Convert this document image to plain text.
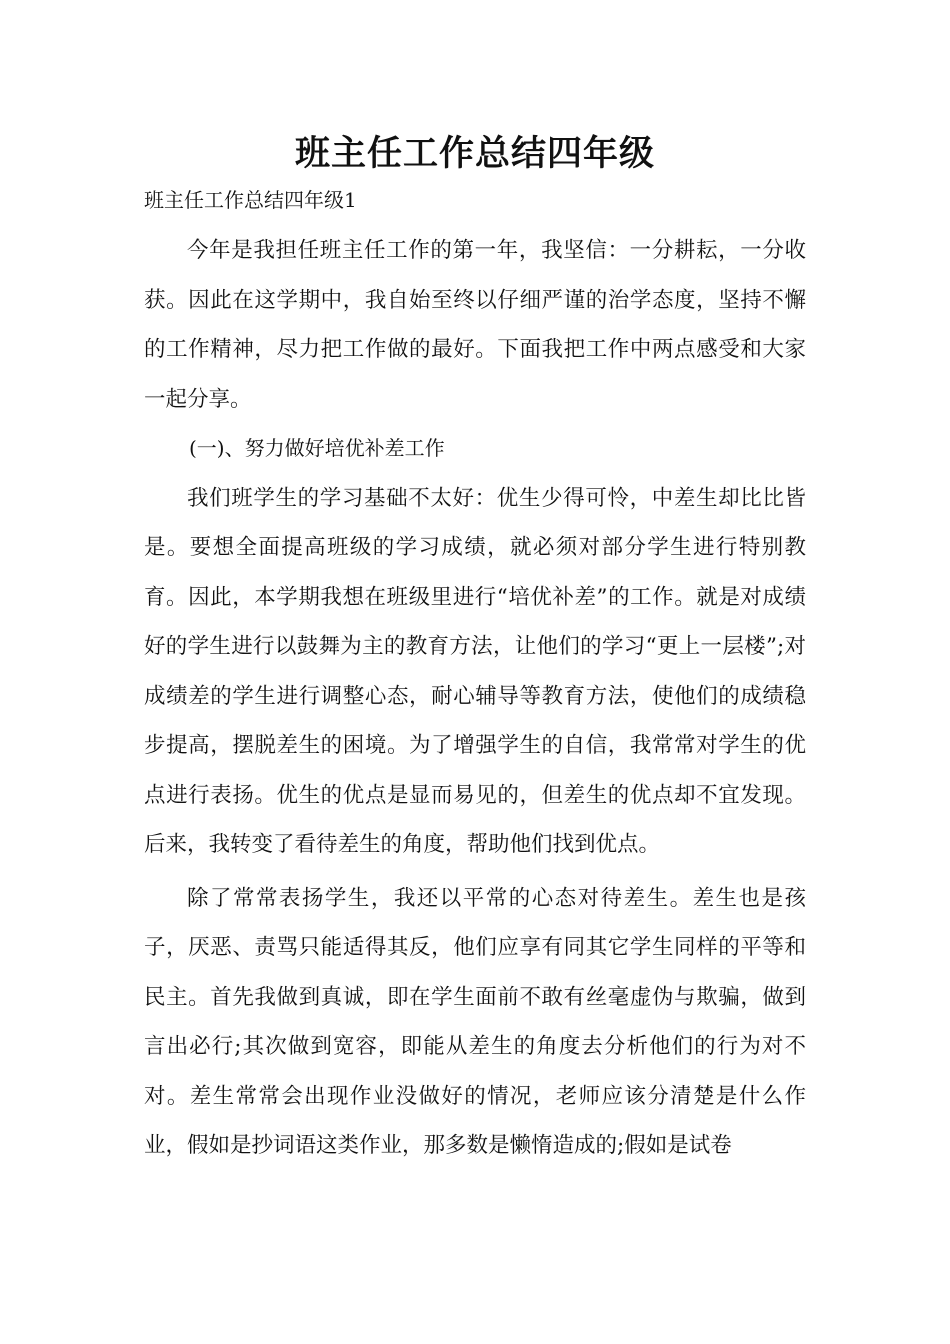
班主任工作总结四年级

班主任工作总结四年级1

今年是我担任班主任工作的第一年，我坚信：一分耕耘，一分收获。因此在这学期中，我自始至终以仔细严谨的治学态度，坚持不懈的工作精神，尽力把工作做的最好。下面我把工作中两点感受和大家一起分享。

(一)、努力做好培优补差工作

我们班学生的学习基础不太好：优生少得可怜，中差生却比比皆是。要想全面提高班级的学习成绩，就必须对部分学生进行特别教育。因此，本学期我想在班级里进行“培优补差”的工作。就是对成绩好的学生进行以鼓舞为主的教育方法，让他们的学习“更上一层楼”;对成绩差的学生进行调整心态，耐心辅导等教育方法，使他们的成绩稳步提高，摆脱差生的困境。为了增强学生的自信，我常常对学生的优点进行表扬。优生的优点是显而易见的，但差生的优点却不宜发现。后来，我转变了看待差生的角度，帮助他们找到优点。

除了常常表扬学生，我还以平常的心态对待差生。差生也是孩子，厌恶、责骂只能适得其反，他们应享有同其它学生同样的平等和民主。首先我做到真诚，即在学生面前不敢有丝毫虚伪与欺骗，做到言出必行;其次做到宽容，即能从差生的角度去分析他们的行为对不对。差生常常会出现作业没做好的情况，老师应该分清楚是什么作业，假如是抄词语这类作业，那多数是懒惰造成的;假如是试卷
